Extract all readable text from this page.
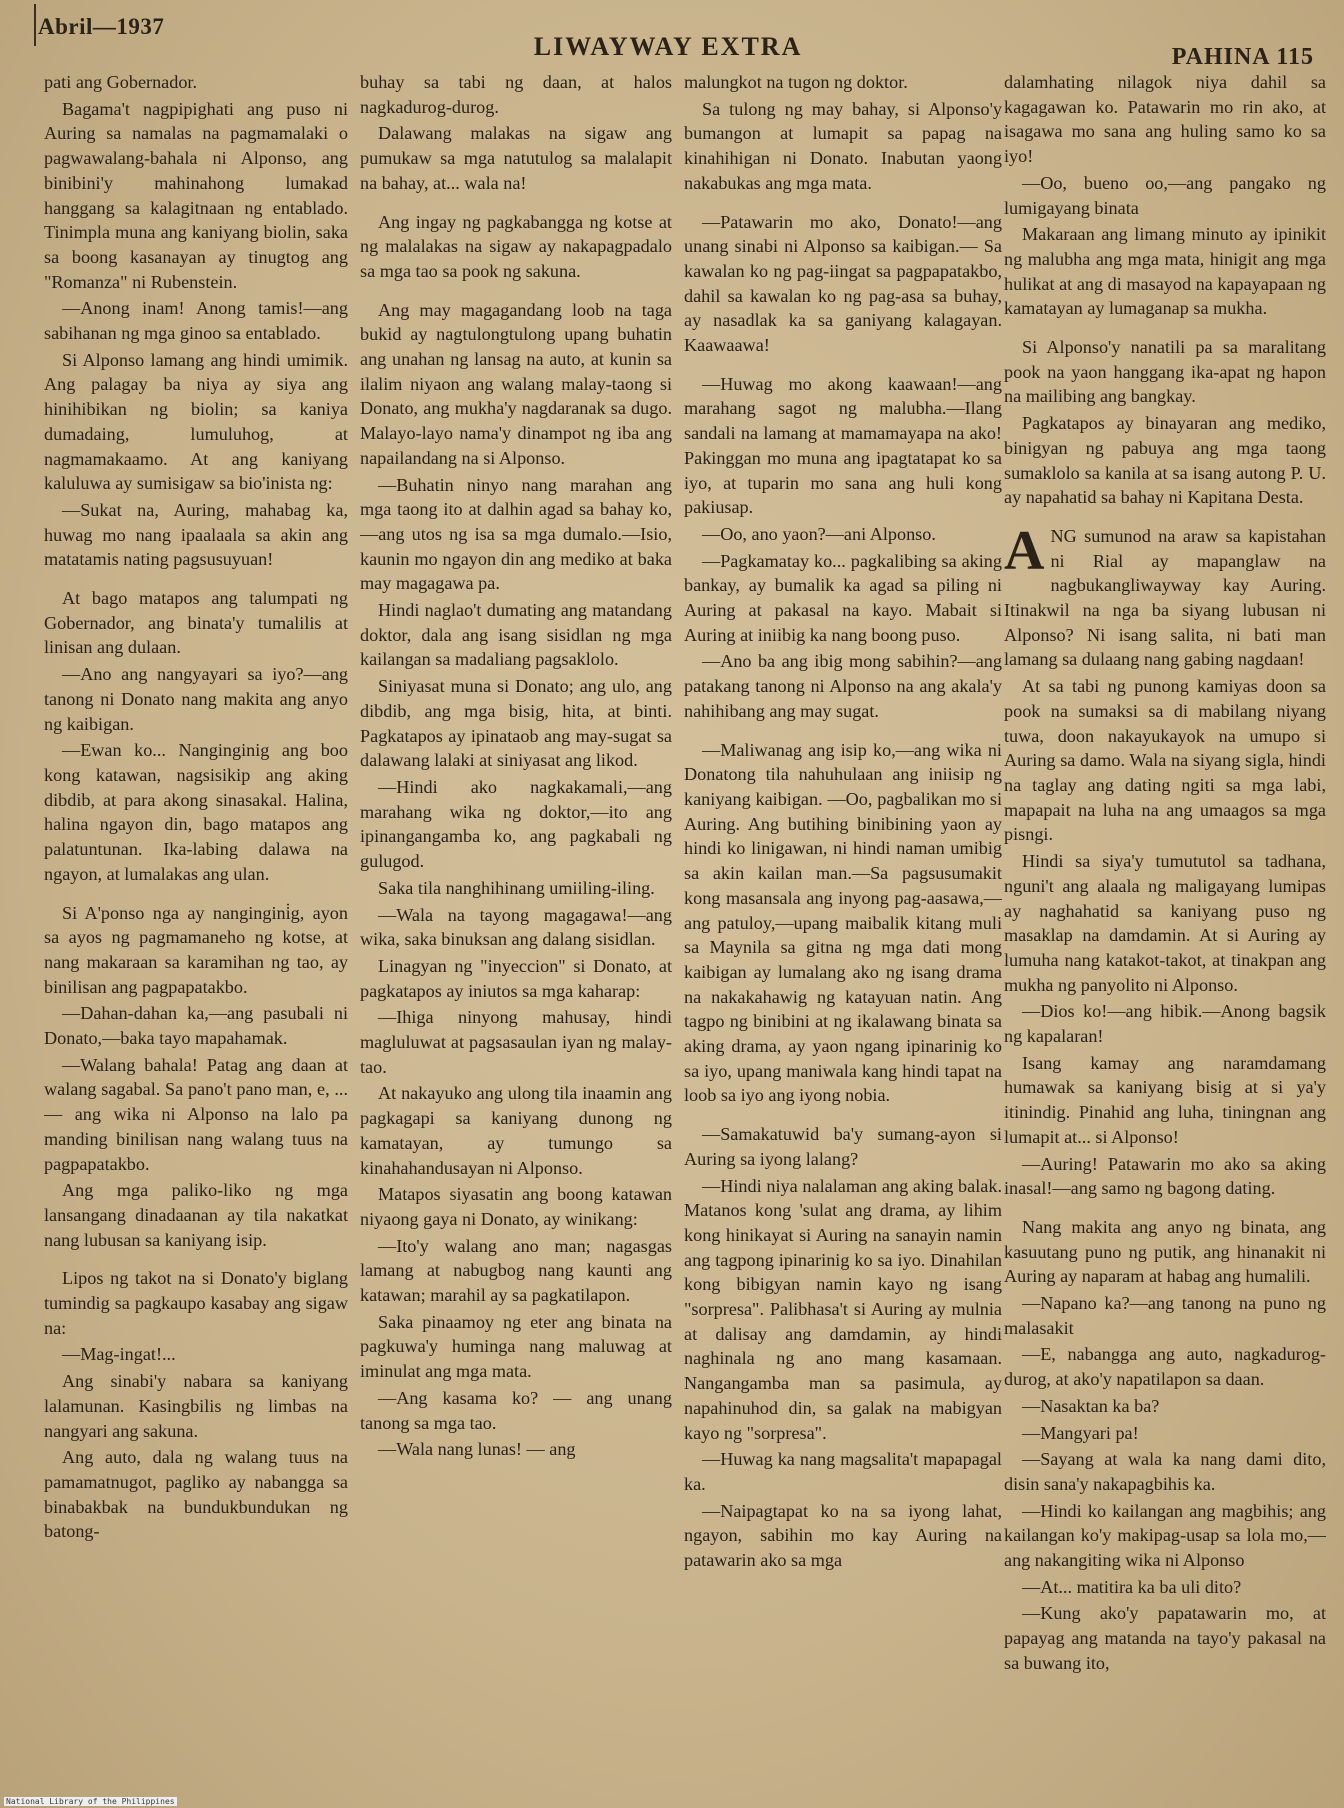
Abril—1937
LIWAYWAY EXTRA	PAHINA 115

pati ang Gobernador.

Bagama't nagpipighati ang puso ni Auring sa namalas na pagmamalaki o pagwawalang-bahala ni Alponso, ang binibini'y mahinahong lumakad hanggang sa kalagitnaan ng entablado. Tinimpla muna ang kaniyang biolin, saka sa boong kasanayan ay tinugtog ang "Romanza" ni Rubenstein.

—Anong inam! Anong tamis!—ang sabihanan ng mga ginoo sa entablado.

Si Alponso lamang ang hindi umimik. Ang palagay ba niya ay siya ang hinihibikan ng biolin; sa kaniya dumadaing, lumuluhog, at nagmamakaamo. At ang kaniyang kaluluwa ay sumisigaw sa bio'inista ng:

—Sukat na, Auring, mahabag ka, huwag mo nang ipaalaala sa akin ang matatamis nating pagsusuyuan!

At bago matapos ang talumpati ng Gobernador, ang binata'y tumalilis at linisan ang dulaan.

—Ano ang nangyayari sa iyo?—ang tanong ni Donato nang makita ang anyo ng kaibigan.

—Ewan ko... Nanginginig ang boo kong katawan, nagsisikip ang aking dibdib, at para akong sinasakal. Halina, halina ngayon din, bago matapos ang palatuntunan. Ika-labing dalawa na ngayon, at lumalakas ang ulan.

Si A'ponso nga ay nangingini̇g, ayon sa ayos ng pagmamaneho ng kotse, at nang makaraan sa karamihan ng tao, ay binilisan ang pagpapatakbo.

—Dahan-dahan ka,—ang pasubali ni Donato,—baka tayo mapahamak.

—Walang bahala! Patag ang daan at walang sagabal. Sa pano't pano man, e, ...— ang wika ni Alponso na lalo pa manding binilisan nang walang tuus na pagpapatakbo.

Ang mga paliko-liko ng mga lansangang dinadaanan ay tila nakatkat nang lubusan sa kaniyang isip.

Lipos ng takot na si Donato'y biglang tumindig sa pagkaupo kasabay ang sigaw na:

—Mag-ingat!...

Ang sinabi'y nabara sa kaniyang lalamunan. Kasingbilis ng limbas na nangyari ang sakuna.

Ang auto, dala ng walang tuus na pamamatnugot, pagliko ay nabangga sa binabakbak na bundukbundukan ng batong-

buhay sa tabi ng daan, at halos nagkadurog-durog.

Dalawang malakas na sigaw ang pumukaw sa mga natutulog sa malalapit na bahay, at... wala na!

Ang ingay ng pagkabangga ng kotse at ng malalakas na sigaw ay nakapagpadalo sa mga tao sa pook ng sakuna.

Ang may magagandang loob na taga bukid ay nagtulongtulong upang buhatin ang unahan ng lansag na auto, at kunin sa ilalim niyaon ang walang malay-taong si Donato, ang mukha'y nagdaranak sa dugo. Malayo-layo nama'y dinampot ng iba ang napailandang na si Alponso.

—Buhatin ninyo nang marahan ang mga taong ito at dalhin agad sa bahay ko,—ang utos ng isa sa mga dumalo.—Isio, kaunin mo ngayon din ang mediko at baka may magagawa pa.

Hindi naglao't dumating ang matandang doktor, dala ang isang sisidlan ng mga kailangan sa madaliang pagsaklolo.

Siniyasat muna si Donato; ang ulo, ang dibdib, ang mga bisig, hita, at binti. Pagkatapos ay ipinataob ang may-sugat sa dalawang lalaki at siniyasat ang likod.

—Hindi ako nagkakamali,—ang marahang wika ng doktor,—ito ang ipinangangamba ko, ang pagkabali ng gulugod.

Saka tila nanghihinang umiiling-iling.

—Wala na tayong magagawa!—ang wika, saka binuksan ang dalang sisidlan.

Linagyan ng "inyeccion" si Donato, at pagkatapos ay iniutos sa mga kaharap:

—Ihiga ninyong mahusay, hindi magluluwat at pagsasaulan iyan ng malay-tao.

At nakayuko ang ulong tila inaamin ang pagkagapi sa kaniyang dunong ng kamatayan, ay tumungo sa kinahahandusayan ni Alponso.

Matapos siyasatin ang boong katawan niyaong gaya ni Donato, ay winikang:

—Ito'y walang ano man; nagasgas lamang at nabugbog nang kaunti ang katawan; marahil ay sa pagkatilapon.

Saka pinaamoy ng eter ang binata na pagkuwa'y huminga nang maluwag at iminulat ang mga mata.

—Ang kasama ko? — ang unang tanong sa mga tao.

—Wala nang lunas! — ang

malungkot na tugon ng doktor.

Sa tulong ng may bahay, si Alponso'y bumangon at lumapit sa papag na kinahihigan ni Donato. Inabutan yaong nakabukas ang mga mata.

—Patawarin mo ako, Donato!—ang unang sinabi ni Alponso sa kaibigan.— Sa kawalan ko ng pag-iingat sa pagpapatakbo, dahil sa kawalan ko ng pag-asa sa buhay, ay nasadlak ka sa ganiyang kalagayan. Kaawaawa!

—Huwag mo akong kaawaan!—ang marahang sagot ng malubha.—Ilang sandali na lamang at mamamayapa na ako! Pakinggan mo muna ang ipagtatapat ko sa iyo, at tuparin mo sana ang huli kong pakiusap.

—Oo, ano yaon?—ani Alponso.

—Pagkamatay ko... pagkalibing sa aking bankay, ay bumalik ka agad sa piling ni Auring at pakasal na kayo. Mabait si Auring at iniibig ka nang boong puso.

—Ano ba ang ibig mong sabihin?—ang patakang tanong ni Alponso na ang akala'y nahihibang ang may sugat.

—Maliwanag ang isip ko,—ang wika ni Donatong tila nahuhulaan ang iniisip ng kaniyang kaibigan. —Oo, pagbalikan mo si Auring. Ang butihing binibining yaon ay hindi ko linigawan, ni hindi naman umibig sa akin kailan man.—Sa pagsusumakit kong masansala ang inyong pag-aasawa,—ang patuloy,—upang maibalik kitang muli sa Maynila sa gitna ng mga dati mong kaibigan ay lumalang ako ng isang drama na nakakahawig ng katayuan natin. Ang tagpo ng binibini at ng ikalawang binata sa aking drama, ay yaon ngang ipinarinig ko sa iyo, upang maniwala kang hindi tapat na loob sa iyo ang iyong nobia.

—Samakatuwid ba'y sumang-ayon si Auring sa iyong lalang?

—Hindi niya nalalaman ang aking balak. Matanos kong 'sulat ang drama, ay lihim kong hinikayat si Auring na sanayin namin ang tagpong ipinarinig ko sa iyo. Dinahilan kong bibigyan namin kayo ng isang "sorpresa". Palibhasa't si Auring ay mulnia at dalisay ang damdamin, ay hindi naghinala ng ano mang kasamaan. Nangangamba man sa pasimula, ay napahinuhod din, sa galak na mabigyan kayo ng "sorpresa".

—Huwag ka nang magsalita't mapapagal ka.

—Naipagtapat ko na sa iyong lahat, ngayon, sabihin mo kay Auring na patawarin ako sa mga

dalamhating nilagok niya dahil sa kagagawan ko. Patawarin mo rin ako, at isagawa mo sana ang huling samo ko sa iyo!

—Oo, bueno oo,—ang pangako ng lumigayang binata

Makaraan ang limang minuto ay ipinikit ng malubha ang mga mata, hinigit ang mga hulikat at ang di masayod na kapayapaan ng kamatayan ay lumaganap sa mukha.

Si Alponso'y nanatili pa sa maralitang pook na yaon hanggang ika-apat ng hapon na mailibing ang bangkay.

Pagkatapos ay binayaran ang mediko, binigyan ng pabuya ang mga taong sumaklolo sa kanila at sa isang autong P. U. ay napahatid sa bahay ni Kapitana Desta.

ANG sumunod na araw sa kapistahan ni Rial ay mapanglaw na nagbukangliwayway kay Auring. Itinakwil na nga ba siyang lubusan ni Alponso? Ni isang salita, ni bati man lamang sa dulaang nang gabing nagdaan!

At sa tabi ng punong kamiyas doon sa pook na sumaksi sa di mabilang niyang tuwa, doon nakayukayok na umupo si Auring sa damo. Wala na siyang sigla, hindi na taglay ang dating ngiti sa mga labi, mapapait na luha na ang umaagos sa mga pisngi.

Hindi sa siya'y tumututol sa tadhana, nguni't ang alaala ng maligayang lumipas ay naghahatid sa kaniyang puso ng masaklap na damdamin. At si Auring ay lumuha nang katakot-takot, at tinakpan ang mukha ng panyolito ni Alponso.

—Dios ko!—ang hibik.—Anong bagsik ng kapalaran!

Isang kamay ang naramdamang humawak sa kaniyang bisig at si ya'y itinindig. Pinahid ang luha, tiningnan ang lumapit at... si Alponso!

—Auring! Patawarin mo ako sa aking inasal!—ang samo ng bagong dating.

Nang makita ang anyo ng binata, ang kasuutang puno ng putik, ang hinanakit ni Auring ay naparam at habag ang humalili.

—Napano ka?—ang tanong na puno ng malasakit

—E, nabangga ang auto, nagkadurog-durog, at ako'y napatilapon sa daan.

—Nasaktan ka ba?

—Mangyari pa!

—Sayang at wala ka nang dami dito, disin sana'y nakapagbihis ka.

—Hindi ko kailangan ang magbihis; ang kailangan ko'y makipag-usap sa lola mo,—ang nakangiting wika ni Alponso

—At... matitira ka ba uli dito?

—Kung ako'y papatawarin mo, at papayag ang matanda na tayo'y pakasal na sa buwang ito,

National Library of the Philippines
